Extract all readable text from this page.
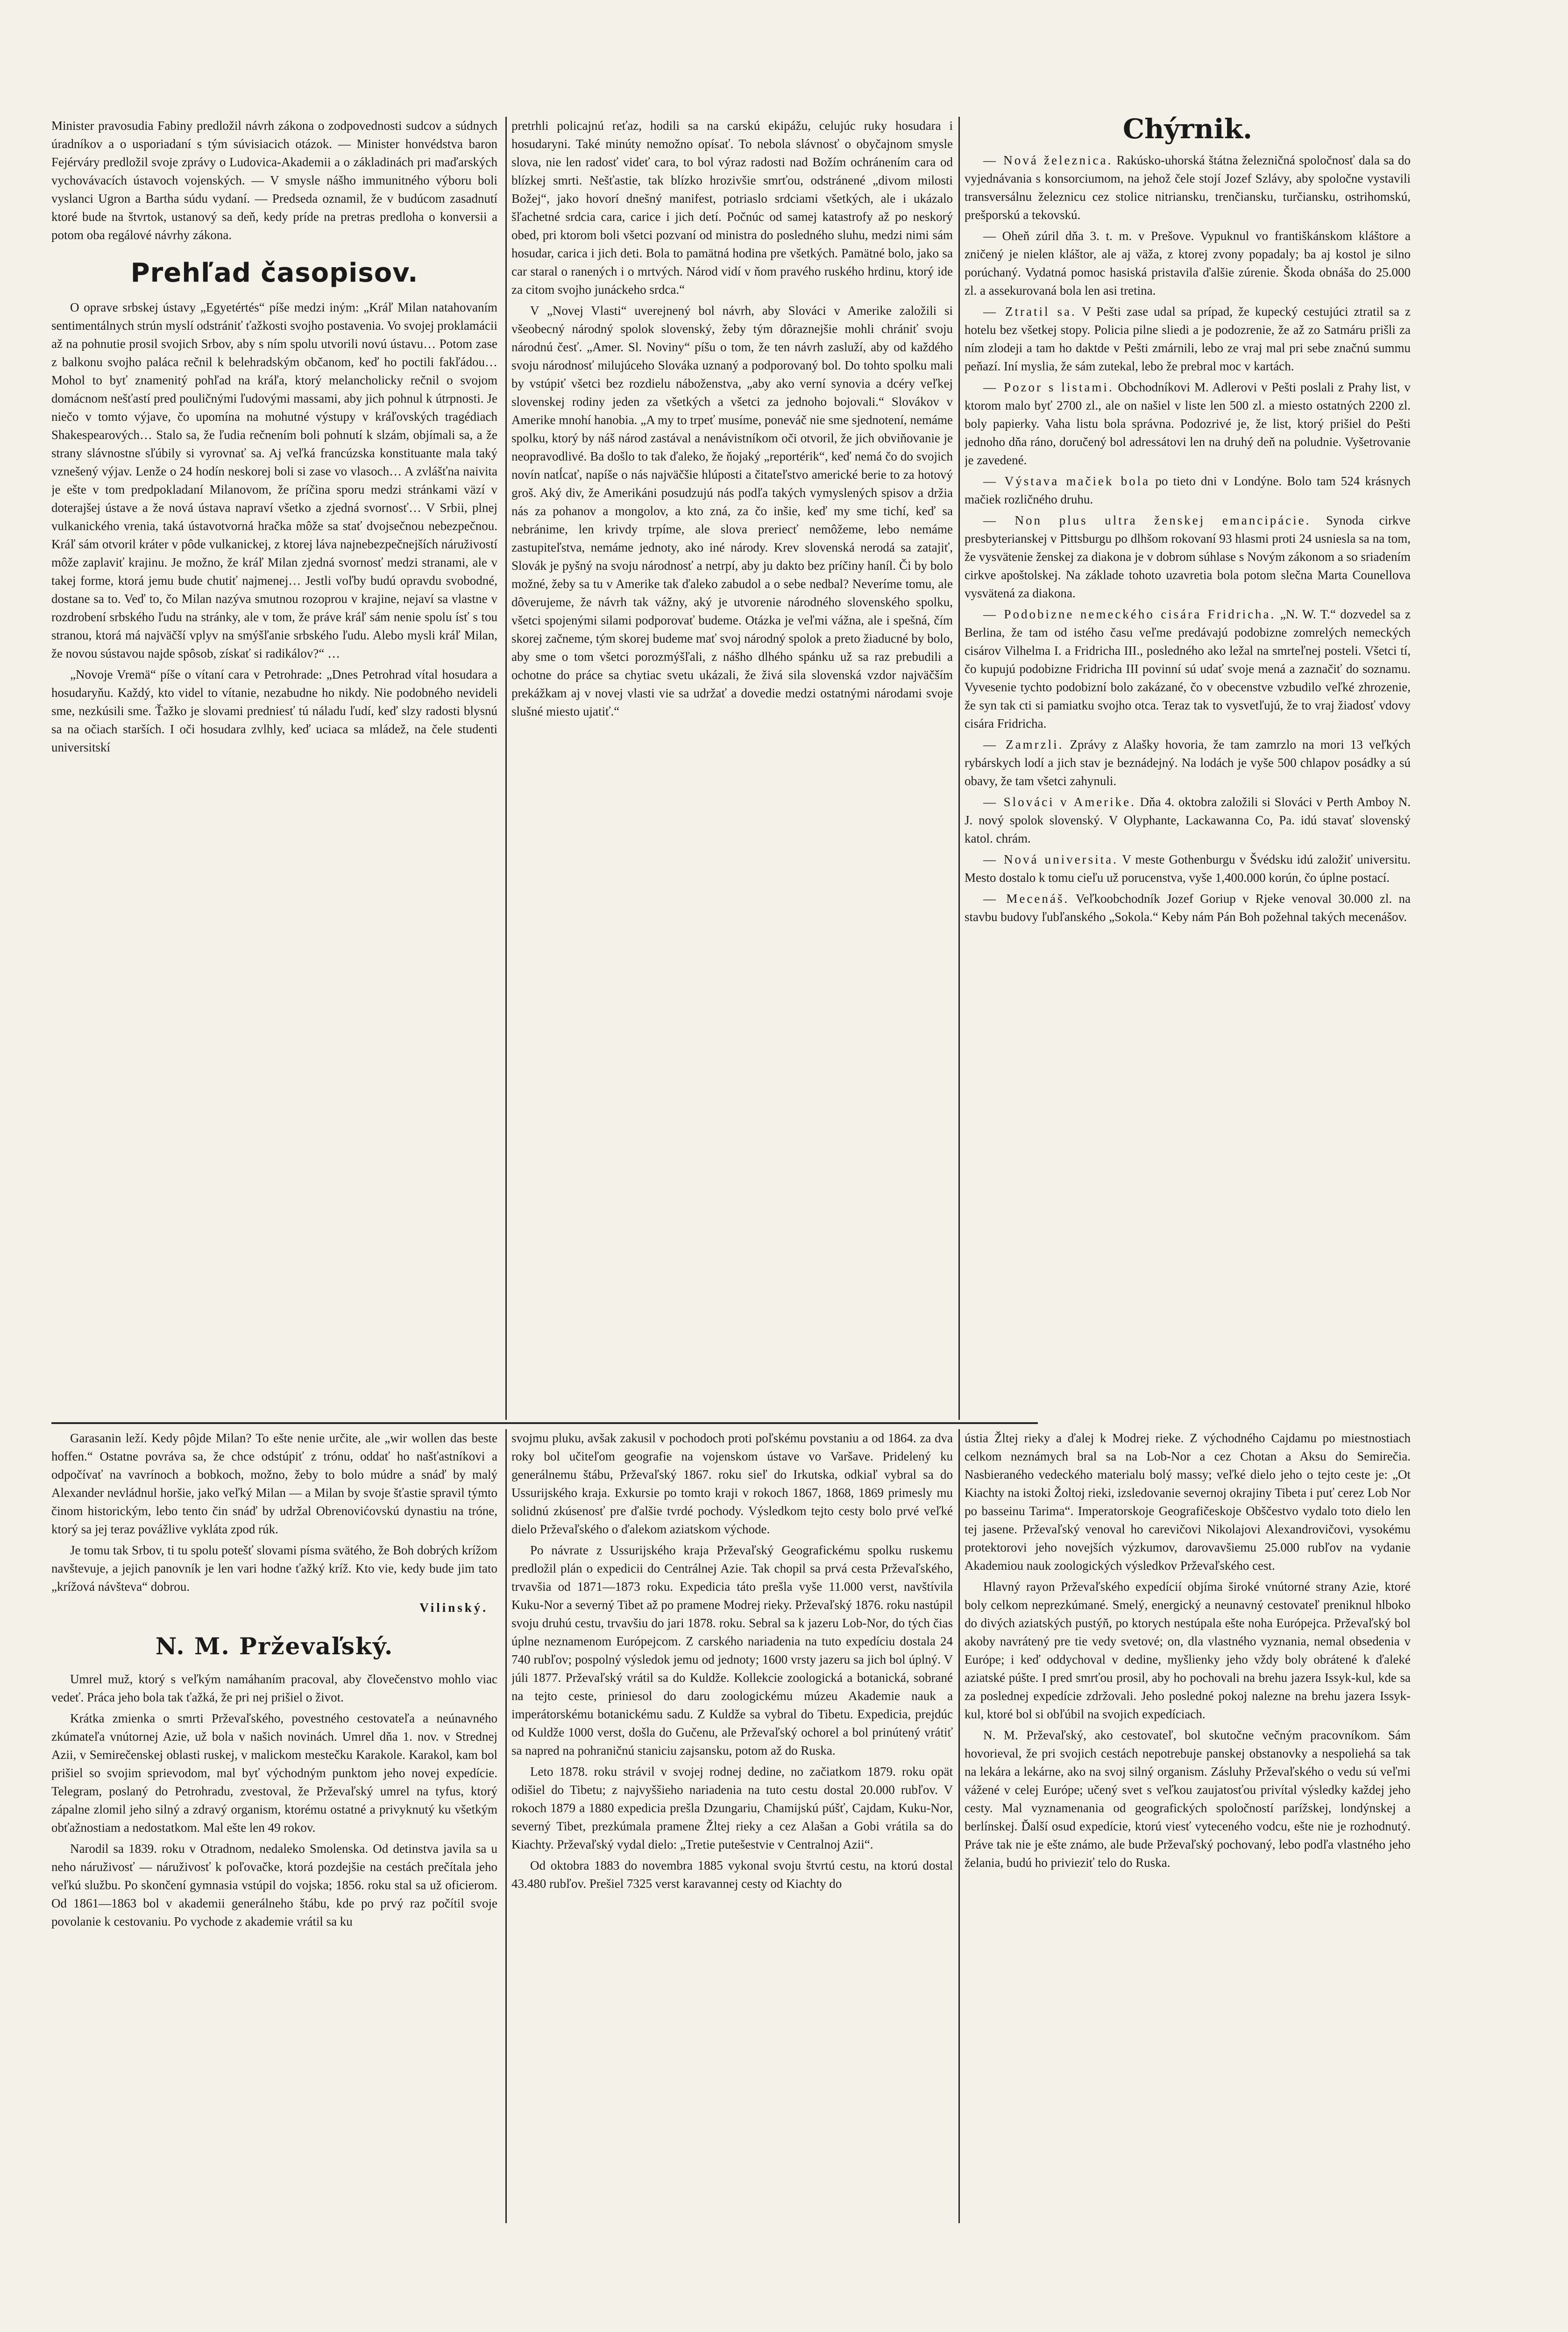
Minister pravosudia Fabiny predložil návrh zákona o zodpovednosti sudcov a súdnych úradníkov a o usporiadaní s tým súvisiacich otázok. — Minister honvédstva baron Fejérváry predložil svoje zprávy o Ludovica-Akademii a o základinách pri maďarských vychovávacích ústavoch vojenských. — V smysle nášho immunitného výboru boli vyslanci Ugron a Bartha súdu vydaní. — Predseda oznamil, že v budúcom zasadnutí ktoré bude na štvrtok, ustanový sa deň, kedy príde na pretras predloha o konversii a potom oba regálové návrhy zákona.

Prehľad časopisov.

O oprave srbskej ústavy „Egyetértés“ píše medzi iným: „Kráľ Milan natahovaním sentimentálnych strún myslí odstrániť ťažkosti svojho postavenia. Vo svojej proklamácii až na pohnutie prosil svojich Srbov, aby s ním spolu utvorili novú ústavu… Potom zase z balkonu svojho paláca rečnil k belehradským občanom, keď ho poctili fakľádou… Mohol to byť znamenitý pohľad na kráľa, ktorý melancholicky rečnil o svojom domácnom nešťastí pred pouličnými ľudovými massami, aby jich pohnul k útrpnosti. Je niečo v tomto výjave, čo upomína na mohutné výstupy v kráľovských tragédiach Shakespearových… Stalo sa, že ľudia rečnením boli pohnutí k slzám, objímali sa, a že strany slávnostne sľúbily si vyrovnať sa. Aj veľká francúzska konstituante mala taký vznešený výjav. Lenže o 24 hodín neskorej boli si zase vo vlasoch… A zvlášťna naivita je ešte v tom predpokladaní Milanovom, že príčina sporu medzi stránkami väzí v doterajšej ústave a že nová ústava napraví všetko a zjedná svornosť… V Srbii, plnej vulkanického vrenia, taká ústavotvorná hračka môže sa stať dvojsečnou nebezpečnou. Kráľ sám otvoril kráter v pôde vulkanickej, z ktorej láva najnebezpečnejších náruživostí môže zaplaviť krajinu. Je možno, že kráľ Milan zjedná svornosť medzi stranami, ale v takej forme, ktorá jemu bude chutiť najmenej… Jestli voľby budú opravdu svobodné, dostane sa to. Veď to, čo Milan nazýva smutnou rozoprou v krajine, nejaví sa vlastne v rozdrobení srbského ľudu na stránky, ale v tom, že práve kráľ sám nenie spolu ísť s tou stranou, ktorá má najväčší vplyv na smýšľanie srbského ľudu. Alebo mysli kráľ Milan, že novou sústavou najde spôsob, získať si radikálov?“ …

„Novoje Vremä“ píše o vítaní cara v Petrohrade: „Dnes Petrohrad vítal hosudara a hosudaryňu. Každý, kto videl to vítanie, nezabudne ho nikdy. Nie podobného nevideli sme, nezkúsili sme. Ťažko je slovami predniesť tú náladu ľudí, keď slzy radosti blysnú sa na očiach starších. I oči hosudara zvlhly, keď uciaca sa mládež, na čele studenti universitskí

pretrhli policajnú reťaz, hodili sa na carskú ekipážu, celujúc ruky hosudara i hosudaryni. Také minúty nemožno opísať. To nebola slávnosť o obyčajnom smysle slova, nie len radosť videť cara, to bol výraz radosti nad Božím ochránením cara od blízkej smrti. Nešťastie, tak blízko hrozivšie smrťou, odstránené „divom milosti Božej“, jako hovorí dnešný manifest, potriaslo srdciami všetkých, ale i ukázalo šľachetné srdcia cara, carice i jich detí. Počnúc od samej katastrofy až po neskorý obed, pri ktorom boli všetci pozvaní od ministra do posledného sluhu, medzi nimi sám hosudar, carica i jich deti. Bola to pamätná hodina pre všetkých. Pamätné bolo, jako sa car staral o ranených i o mrtvých. Národ vidí v ňom pravého ruského hrdinu, ktorý ide za citom svojho junáckeho srdca.“

V „Novej Vlasti“ uverejnený bol návrh, aby Slováci v Amerike založili si všeobecný národný spolok slovenský, žeby tým dôraznejšie mohli chrániť svoju národnú česť. „Amer. Sl. Noviny“ píšu o tom, že ten návrh zasluží, aby od každého svoju národnosť milujúceho Slováka uznaný a podporovaný bol. Do tohto spolku mali by vstúpiť všetci bez rozdielu náboženstva, „aby ako verní synovia a dcéry veľkej slovenskej rodiny jeden za všetkých a všetci za jednoho bojovali.“ Slovákov v Amerike mnohí hanobia. „A my to trpeť musíme, poneváč nie sme sjednotení, nemáme spolku, ktorý by náš národ zastával a nenávistníkom oči otvoril, že jich obviňovanie je neopravodlivé. Ba došlo to tak ďaleko, že ňojaký „reportérik“, keď nemá čo do svojich novín natĺcať, napíše o nás najväčšie hlúposti a čitateľstvo americké berie to za hotový groš. Aký div, že Amerikáni posudzujú nás podľa takých vymyslených spisov a držia nás za pohanov a mongolov, a kto zná, za čo inšie, keď my sme tichí, keď sa nebránime, len krivdy trpíme, ale slova preriecť nemôžeme, lebo nemáme zastupiteľstva, nemáme jednoty, ako iné národy. Krev slovenská nerodá sa zatajiť, Slovák je pyšný na svoju národnosť a netrpí, aby ju dakto bez príčiny haníl. Či by bolo možné, žeby sa tu v Amerike tak ďaleko zabudol a o sebe nedbal? Neveríme tomu, ale dôverujeme, že návrh tak vážny, aký je utvorenie národného slovenského spolku, všetci spojenými silami podporovať budeme. Otázka je veľmi vážna, ale i spešná, čím skorej začneme, tým skorej budeme mať svoj národný spolok a preto žiaducné by bolo, aby sme o tom všetci porozmýšľali, z nášho dlhého spánku už sa raz prebudili a ochotne do práce sa chytiac svetu ukázali, že živá sila slovenská vzdor najväčším prekážkam aj v novej vlasti vie sa udržať a dovedie medzi ostatnými národami svoje slušné miesto ujatiť.“

Chýrnik.

— Nová železnica. Rakúsko-uhorská štátna železničná spoločnosť dala sa do vyjednávania s konsorciumom, na jehož čele stojí Jozef Szlávy, aby spoločne vystavili transversálnu železnicu cez stolice nitriansku, trenčiansku, turčiansku, ostrihomskú, prešporskú a tekovskú.

— Oheň zúril dňa 3. t. m. v Prešove. Vypuknul vo františkánskom kláštore a zničený je nielen kláštor, ale aj väža, z ktorej zvony popadaly; ba aj kostol je silno porúchaný. Vydatná pomoc hasiská pristavila ďalšie zúrenie. Škoda obnáša do 25.000 zl. a assekurovaná bola len asi tretina.

— Ztratil sa. V Pešti zase udal sa prípad, že kupecký cestujúci ztratil sa z hotelu bez všetkej stopy. Policia pilne sliedi a je podozrenie, že až zo Satmáru prišli za ním zlodeji a tam ho daktde v Pešti zmárnili, lebo ze vraj mal pri sebe značnú summu peňazí. Iní myslia, že sám zutekal, lebo že prebral moc v kartách.

— Pozor s listami. Obchodníkovi M. Adlerovi v Pešti poslali z Prahy list, v ktorom malo byť 2700 zl., ale on našiel v liste len 500 zl. a miesto ostatných 2200 zl. boly papierky. Vaha listu bola správna. Podozrivé je, že list, ktorý prišiel do Pešti jednoho dňa ráno, doručený bol adressátovi len na druhý deň na poludnie. Vyšetrovanie je zavedené.

— Výstava mačiek bola po tieto dni v Londýne. Bolo tam 524 krásnych mačiek rozličného druhu.

— Non plus ultra ženskej emancipácie. Synoda cirkve presbyterianskej v Pittsburgu po dlhšom rokovaní 93 hlasmi proti 24 usniesla sa na tom, že vysvätenie ženskej za diakona je v dobrom súhlase s Novým zákonom a so sriadením cirkve apoštolskej. Na základe tohoto uzavretia bola potom slečna Marta Counellova vysvätená za diakona.

— Podobizne nemeckého cisára Fridricha. „N. W. T.“ dozvedel sa z Berlina, že tam od istého času veľme predávajú podobizne zomrelých nemeckých cisárov Vilhelma I. a Fridricha III., posledného ako ležal na smrteľnej posteli. Všetci tí, čo kupujú podobizne Fridricha III povinní sú udať svoje mená a zaznačiť do soznamu. Vyvesenie tychto podobizní bolo zakázané, čo v obecenstve vzbudilo veľké zhrozenie, že syn tak cti si pamiatku svojho otca. Teraz tak to vysvetľujú, že to vraj žiadosť vdovy cisára Fridricha.

— Zamrzli. Zprávy z Alašky hovoria, že tam zamrzlo na mori 13 veľkých rybárskych lodí a jich stav je beznádejný. Na lodách je vyše 500 chlapov posádky a sú obavy, že tam všetci zahynuli.

— Slováci v Amerike. Dňa 4. oktobra založili si Slováci v Perth Amboy N. J. nový spolok slovenský. V Olyphante, Lackawanna Co, Pa. idú stavať slovenský katol. chrám.

— Nová universita. V meste Gothenburgu v Švédsku idú založiť universitu. Mesto dostalo k tomu cieľu už porucenstva, vyše 1,400.000 korún, čo úplne postací.

— Mecenáš. Veľkoobchodník Jozef Goriup v Rjeke venoval 30.000 zl. na stavbu budovy ľubľanského „Sokola.“ Keby nám Pán Boh požehnal takých mecenášov.

Garasanin leží. Kedy pôjde Milan? To ešte nenie určite, ale „wir wollen das beste hoffen.“ Ostatne povráva sa, že chce odstúpiť z trónu, oddať ho našťastníkovi a odpočívať na vavrínoch a bobkoch, možno, žeby to bolo múdre a snáď by malý Alexander nevládnul horšie, jako veľký Milan — a Milan by svoje šťastie spravil týmto činom historickým, lebo tento čin snáď by udržal Obrenovićovskú dynastiu na tróne, ktorý sa jej teraz povážlive vykláta zpod rúk.

Je tomu tak Srbov, ti tu spolu potešť slovami písma svätého, že Boh dobrých krížom navštevuje, a jejich panovník je len vari hodne ťažký kríž. Kto vie, kedy bude jim tato „krížová návšteva“ dobrou.

Vilinský.
N. M. Prževaľský.

Umrel muž, ktorý s veľkým namáhaním pracoval, aby človečenstvo mohlo viac vedeť. Práca jeho bola tak ťažká, že pri nej prišiel o život.

Krátka zmienka o smrti Prževaľského, povestného cestovateľa a neúnavného zkúmateľa vnútornej Azie, už bola v našich novinách. Umrel dňa 1. nov. v Strednej Azii, v Semirečenskej oblasti ruskej, v malickom mestečku Karakole. Karakol, kam bol prišiel so svojim sprievodom, mal byť východným punktom jeho novej expedície. Telegram, poslaný do Petrohradu, zvestoval, že Prževaľský umrel na tyfus, ktorý zápalne zlomil jeho silný a zdravý organism, ktorému ostatné a privyknutý ku všetkým obťažnostiam a nedostatkom. Mal ešte len 49 rokov.

Narodil sa 1839. roku v Otradnom, nedaleko Smolenska. Od detinstva javila sa u neho náruživosť — náruživosť k poľovačke, ktorá pozdejšie na cestách prečítala jeho veľkú službu. Po skončení gymnasia vstúpil do vojska; 1856. roku stal sa už oficierom. Od 1861—1863 bol v akademii generálneho štábu, kde po prvý raz počítil svoje povolanie k cestovaniu. Po vychode z akademie vrátil sa ku

svojmu pluku, avšak zakusil v pochodoch proti poľskému povstaniu a od 1864. za dva roky bol učiteľom geografie na vojenskom ústave vo Varšave. Pridelený ku generálnemu štábu, Prževaľský 1867. roku sieľ do Irkutska, odkiaľ vybral sa do Ussurijského kraja. Exkursie po tomto kraji v rokoch 1867, 1868, 1869 primesly mu solidnú zkúsenosť pre ďalšie tvrdé pochody. Výsledkom tejto cesty bolo prvé veľké dielo Prževaľského o ďalekom aziatskom východe.

Po návrate z Ussurijského kraja Prževaľský Geografickému spolku ruskemu predložil plán o expedicii do Centrálnej Azie. Tak chopil sa prvá cesta Prževaľského, trvavšia od 1871—1873 roku. Expedicia táto prešla vyše 11.000 verst, navštívila Kuku-Nor a severný Tibet až po pramene Modrej rieky. Prževaľský 1876. roku nastúpil svoju druhú cestu, trvavšiu do jari 1878. roku. Sebral sa k jazeru Lob-Nor, do tých čias úplne neznamenom Európejcom. Z carského nariadenia na tuto expedíciu dostala 24 740 rubľov; pospolný výsledok jemu od jednoty; 1600 vrsty jazeru sa jich bol úplný. V júli 1877. Prževaľský vrátil sa do Kuldže. Kollekcie zoologická a botanická, sobrané na tejto ceste, priniesol do daru zoologickému múzeu Akademie nauk a imperátorskému botanickému sadu. Z Kuldže sa vybral do Tibetu. Expedicia, prejdúc od Kuldže 1000 verst, došla do Gučenu, ale Prževaľský ochorel a bol prinútený vrátiť sa napred na pohraničnú staniciu zajsansku, potom až do Ruska.

Leto 1878. roku strávil v svojej rodnej dedine, no začiatkom 1879. roku opät odišiel do Tibetu; z najvyššieho nariadenia na tuto cestu dostal 20.000 rubľov. V rokoch 1879 a 1880 expedicia prešla Dzungariu, Chamijskú púšť, Cajdam, Kuku-Nor, severný Tibet, prezkúmala pramene Žltej rieky a cez Alašan a Gobi vrátila sa do Kiachty. Prževaľský vydal dielo: „Tretie putešestvie v Centralnoj Azii“.

Od oktobra 1883 do novembra 1885 vykonal svoju štvrtú cestu, na ktorú dostal 43.480 rubľov. Prešiel 7325 verst karavannej cesty od Kiachty do

ústia Žltej rieky a ďalej k Modrej rieke. Z východného Cajdamu po miestnostiach celkom neznámych bral sa na Lob-Nor a cez Chotan a Aksu do Semirečia. Nasbieraného vedeckého materialu bolý massy; veľké dielo jeho o tejto ceste je: „Ot Kiachty na istoki Žoltoj rieki, izsledovanie severnoj okrajiny Tibeta i puť cerez Lob Nor po basseinu Tarima“. Imperatorskoje Geografičeskoje Obščestvo vydalo toto dielo len tej jasene. Prževaľský venoval ho carevičovi Nikolajovi Alexandrovičovi, vysokému protektorovi jeho novejších výzkumov, darovavšiemu 25.000 rubľov na vydanie Akademiou nauk zoologických výsledkov Prževaľského cest.

Hlavný rayon Prževaľského expedícií objíma široké vnútorné strany Azie, ktoré boly celkom neprezkúmané. Smelý, energický a neunavný cestovateľ preniknul hlboko do divých aziatských pustýň, po ktorych nestúpala ešte noha Európejca. Prževaľský bol akoby navrátený pre tie vedy svetové; on, dla vlastného vyznania, nemal obsedenia v Európe; i keď oddychoval v dedine, myšlienky jeho vždy boly obrátené k ďaleké aziatské púšte. I pred smrťou prosil, aby ho pochovali na brehu jazera Issyk-kul, kde sa za poslednej expedície zdržovali. Jeho posledné pokoj nalezne na brehu jazera Issyk-kul, ktoré bol si obľúbil na svojich expedíciach.

N. M. Prževaľský, ako cestovateľ, bol skutočne večným pracovníkom. Sám hovorieval, že pri svojich cestách nepotrebuje panskej obstanovky a nespoliehá sa tak na lekára a lekárne, ako na svoj silný organism. Zásluhy Prževaľského o vedu sú veľmi vážené v celej Európe; učený svet s veľkou zaujatosťou privítal výsledky každej jeho cesty. Mal vyznamenania od geografických spoločností parížskej, londýnskej a berlínskej. Ďalší osud expedície, ktorú viesť vyteceného vodcu, ešte nie je rozhodnutý. Práve tak nie je ešte známo, ale bude Prževaľský pochovaný, lebo podľa vlastného jeho želania, budú ho privieziť telo do Ruska.
